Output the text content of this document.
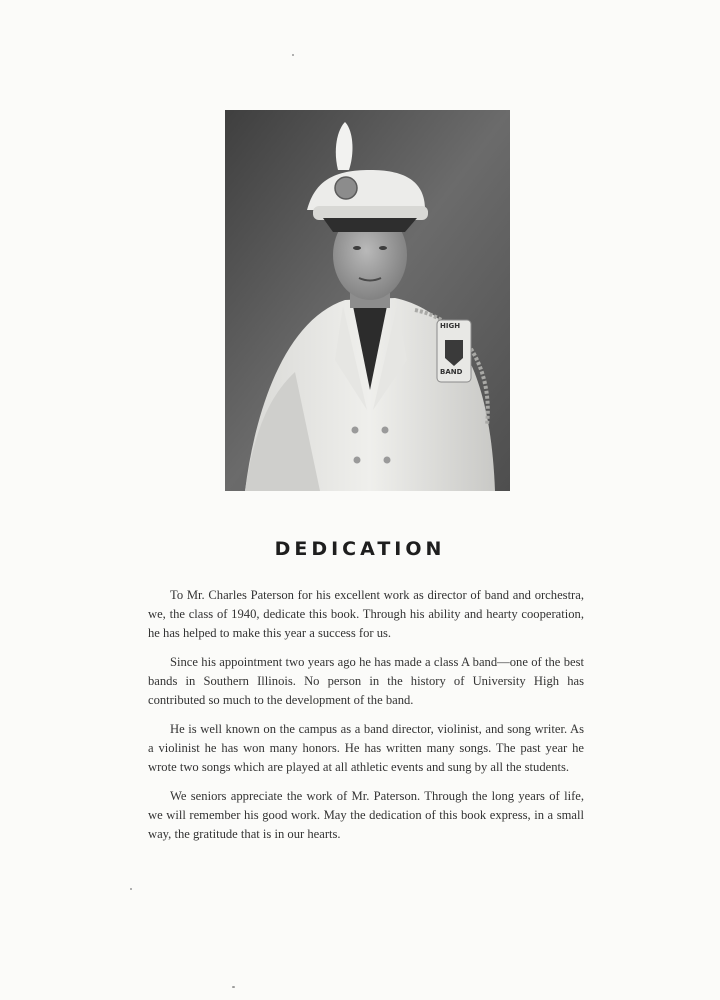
HIGH
BAND
DEDICATION

To Mr. Charles Paterson for his excellent work as director of band and orchestra, we, the class of 1940, dedicate this book. Through his ability and hearty cooperation, he has helped to make this year a success for us.

Since his appointment two years ago he has made a class A band—one of the best bands in Southern Illinois. No person in the history of University High has contributed so much to the development of the band.

He is well known on the campus as a band director, violinist, and song writer. As a violinist he has won many honors. He has written many songs. The past year he wrote two songs which are played at all athletic events and sung by all the students.

We seniors appreciate the work of Mr. Paterson. Through the long years of life, we will remember his good work. May the dedication of this book express, in a small way, the gratitude that is in our hearts.
